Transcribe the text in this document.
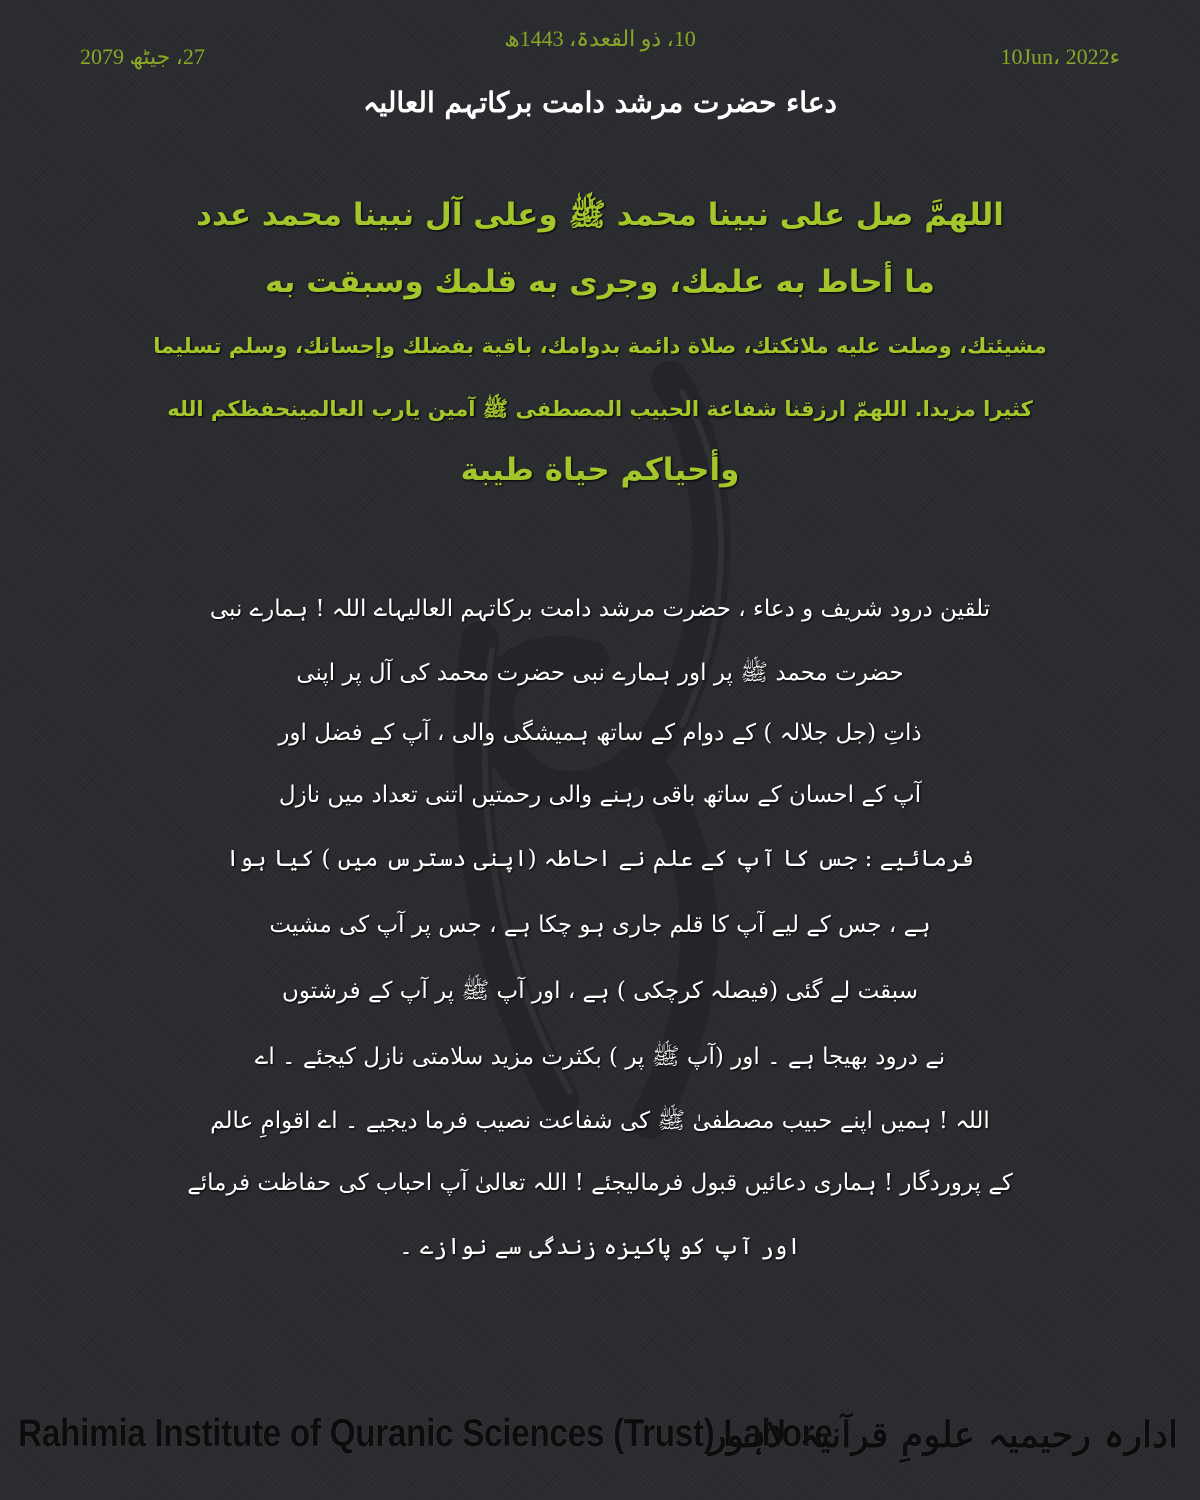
10، ذو القعدۃ، 1443ھ
10Jun، 2022ء
27، جیٹھ 2079
دعاء حضرت مرشد دامت برکاتہم العالیہ
اللهمَّ صل على نبينا محمد ﷺ وعلى آل نبينا محمد عدد
ما أحاط به علمك، وجرى به قلمك وسبقت به
مشيئتك، وصلت عليه ملائكتك، صلاة دائمة بدوامك، باقية بفضلك وإحسانك، وسلم تسليما
كثيرا مزيدا. اللهمّ ارزقنا شفاعة الحبيب المصطفى ﷺ آمين يارب العالمينحفظكم الله
وأحياكم حياة طيبة
تلقین درود شریف و دعاء ، حضرت مرشد دامت برکاتہم العالیہاے اللہ ! ہمارے نبی
حضرت محمد ﷺ پر اور ہمارے نبی حضرت محمد کی آل پر اپنی
ذاتِ (جل جلالہ ) کے دوام کے ساتھ ہمیشگی والی ، آپ کے فضل اور
آپ کے احسان کے ساتھ باقی رہنے والی رحمتیں اتنی تعداد میں نازل
فرمائیے : جس کا آپ کے علم نے احاطہ (اپنی دسترس میں ) کیا ہوا
ہے ، جس کے لیے آپ کا قلم جاری ہو چکا ہے ، جس پر آپ کی مشیت
سبقت لے گئی (فیصلہ کرچکی ) ہے ، اور آپ ﷺ پر آپ کے فرشتوں
نے درود بھیجا ہے ۔ اور (آپ ﷺ پر ) بکثرت مزید سلامتی نازل کیجئے ۔ اے
اللہ ! ہمیں اپنے حبیب مصطفیٰ ﷺ کی شفاعت نصیب فرما دیجیے ۔ اے اقوامِ عالم
کے پروردگار ! ہماری دعائیں قبول فرمالیجئے ! اللہ تعالیٰ آپ احباب کی حفاظت فرمائے
اور آپ کو پاکیزہ زندگی سے نوازے ۔
Rahimia Institute of Quranic Sciences (Trust) Lahore
ادارہ رحیمیہ علومِ قرآنیہ لاہور
